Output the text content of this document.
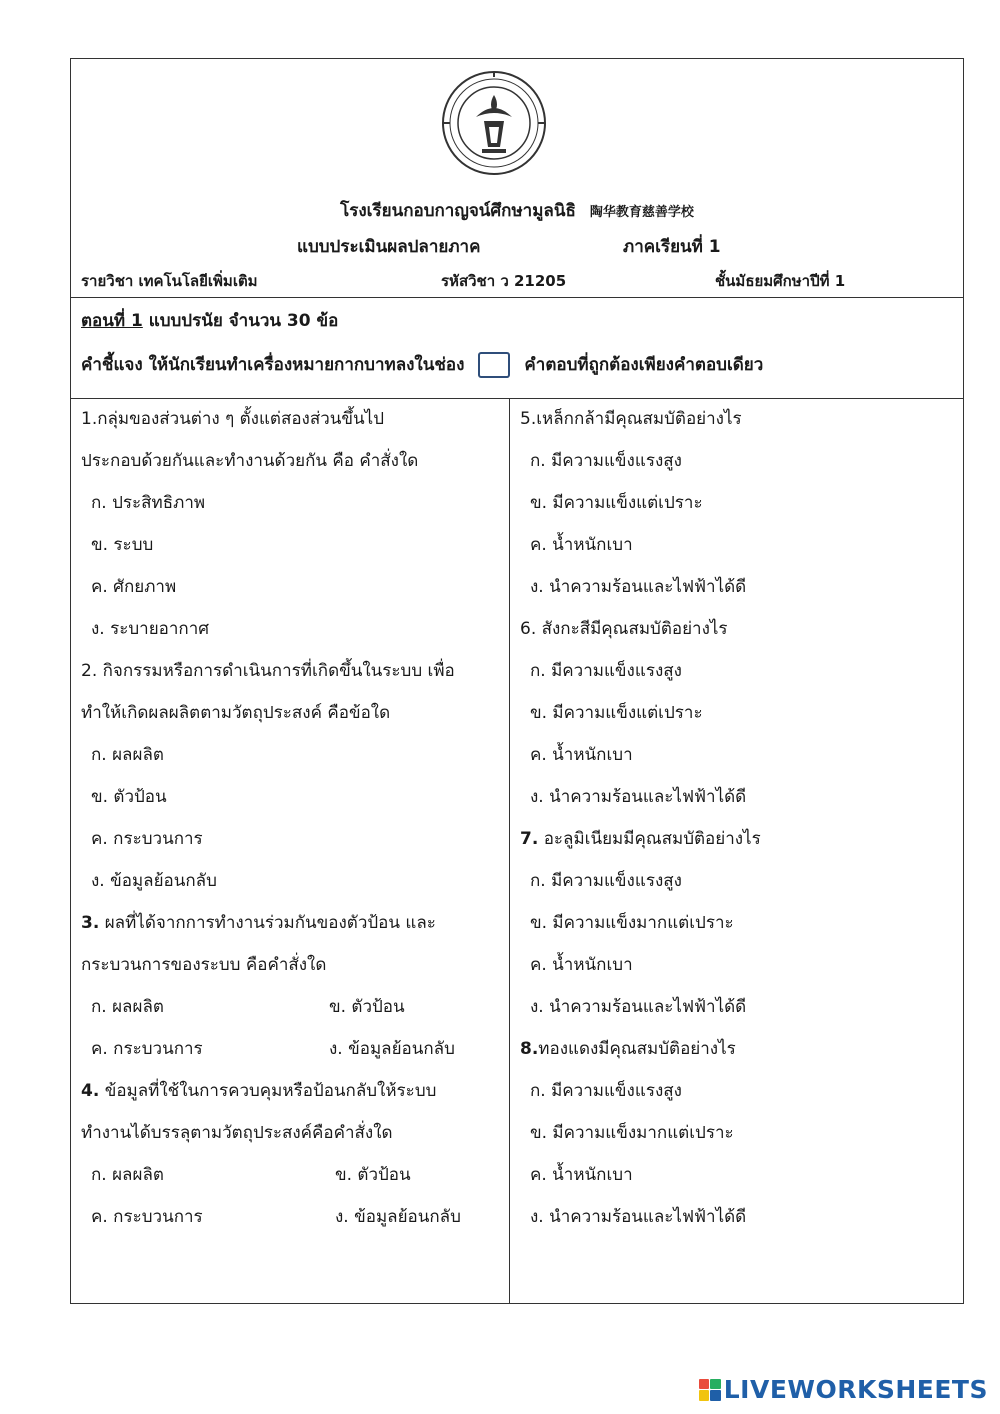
โรงเรียนกอบกาญจน์ศึกษามูลนิธิ 陶华教育慈善学校
แบบประเมินผลปลายภาค	ภาคเรียนที่ 1
รายวิชา เทคโนโลยีเพิ่มเติม	รหัสวิชา ว 21205	ชั้นมัธยมศึกษาปีที่ 1
ตอนที่ 1 แบบปรนัย จำนวน 30 ข้อ
คำชี้แจง ให้นักเรียนทำเครื่องหมายกากบาทลงในช่อง	คำตอบที่ถูกต้องเพียงคำตอบเดียว
1.กลุ่มของส่วนต่าง ๆ ตั้งแต่สองส่วนขึ้นไป
ประกอบด้วยกันและทำงานด้วยกัน คือ คำสั่งใด
ก. ประสิทธิภาพ
ข. ระบบ
ค. ศักยภาพ
ง. ระบายอากาศ
2. กิจกรรมหรือการดำเนินการที่เกิดขึ้นในระบบ เพื่อ
ทำให้เกิดผลผลิตตามวัตถุประสงค์ คือข้อใด
ก. ผลผลิต
ข. ตัวป้อน
ค. กระบวนการ
ง. ข้อมูลย้อนกลับ
3. ผลที่ได้จากการทำงานร่วมกันของตัวป้อน และ
กระบวนการของระบบ คือคำสั่งใด
ก. ผลผลิต	ข. ตัวป้อน
ค. กระบวนการ	ง. ข้อมูลย้อนกลับ
4. ข้อมูลที่ใช้ในการควบคุมหรือป้อนกลับให้ระบบ
ทำงานได้บรรลุตามวัตถุประสงค์คือคำสั่งใด
ก. ผลผลิต	ข. ตัวป้อน
ค. กระบวนการ	ง. ข้อมูลย้อนกลับ
5.เหล็กกล้ามีคุณสมบัติอย่างไร
ก. มีความแข็งแรงสูง
ข. มีความแข็งแต่เปราะ
ค. น้ำหนักเบา
ง. นำความร้อนและไฟฟ้าได้ดี
6. สังกะสีมีคุณสมบัติอย่างไร
ก. มีความแข็งแรงสูง
ข. มีความแข็งแต่เปราะ
ค. น้ำหนักเบา
ง. นำความร้อนและไฟฟ้าได้ดี
7. อะลูมิเนียมมีคุณสมบัติอย่างไร
ก. มีความแข็งแรงสูง
ข. มีความแข็งมากแต่เปราะ
ค. น้ำหนักเบา
ง. นำความร้อนและไฟฟ้าได้ดี
8.ทองแดงมีคุณสมบัติอย่างไร
ก. มีความแข็งแรงสูง
ข. มีความแข็งมากแต่เปราะ
ค. น้ำหนักเบา
ง. นำความร้อนและไฟฟ้าได้ดี
LIVEWORKSHEETS
